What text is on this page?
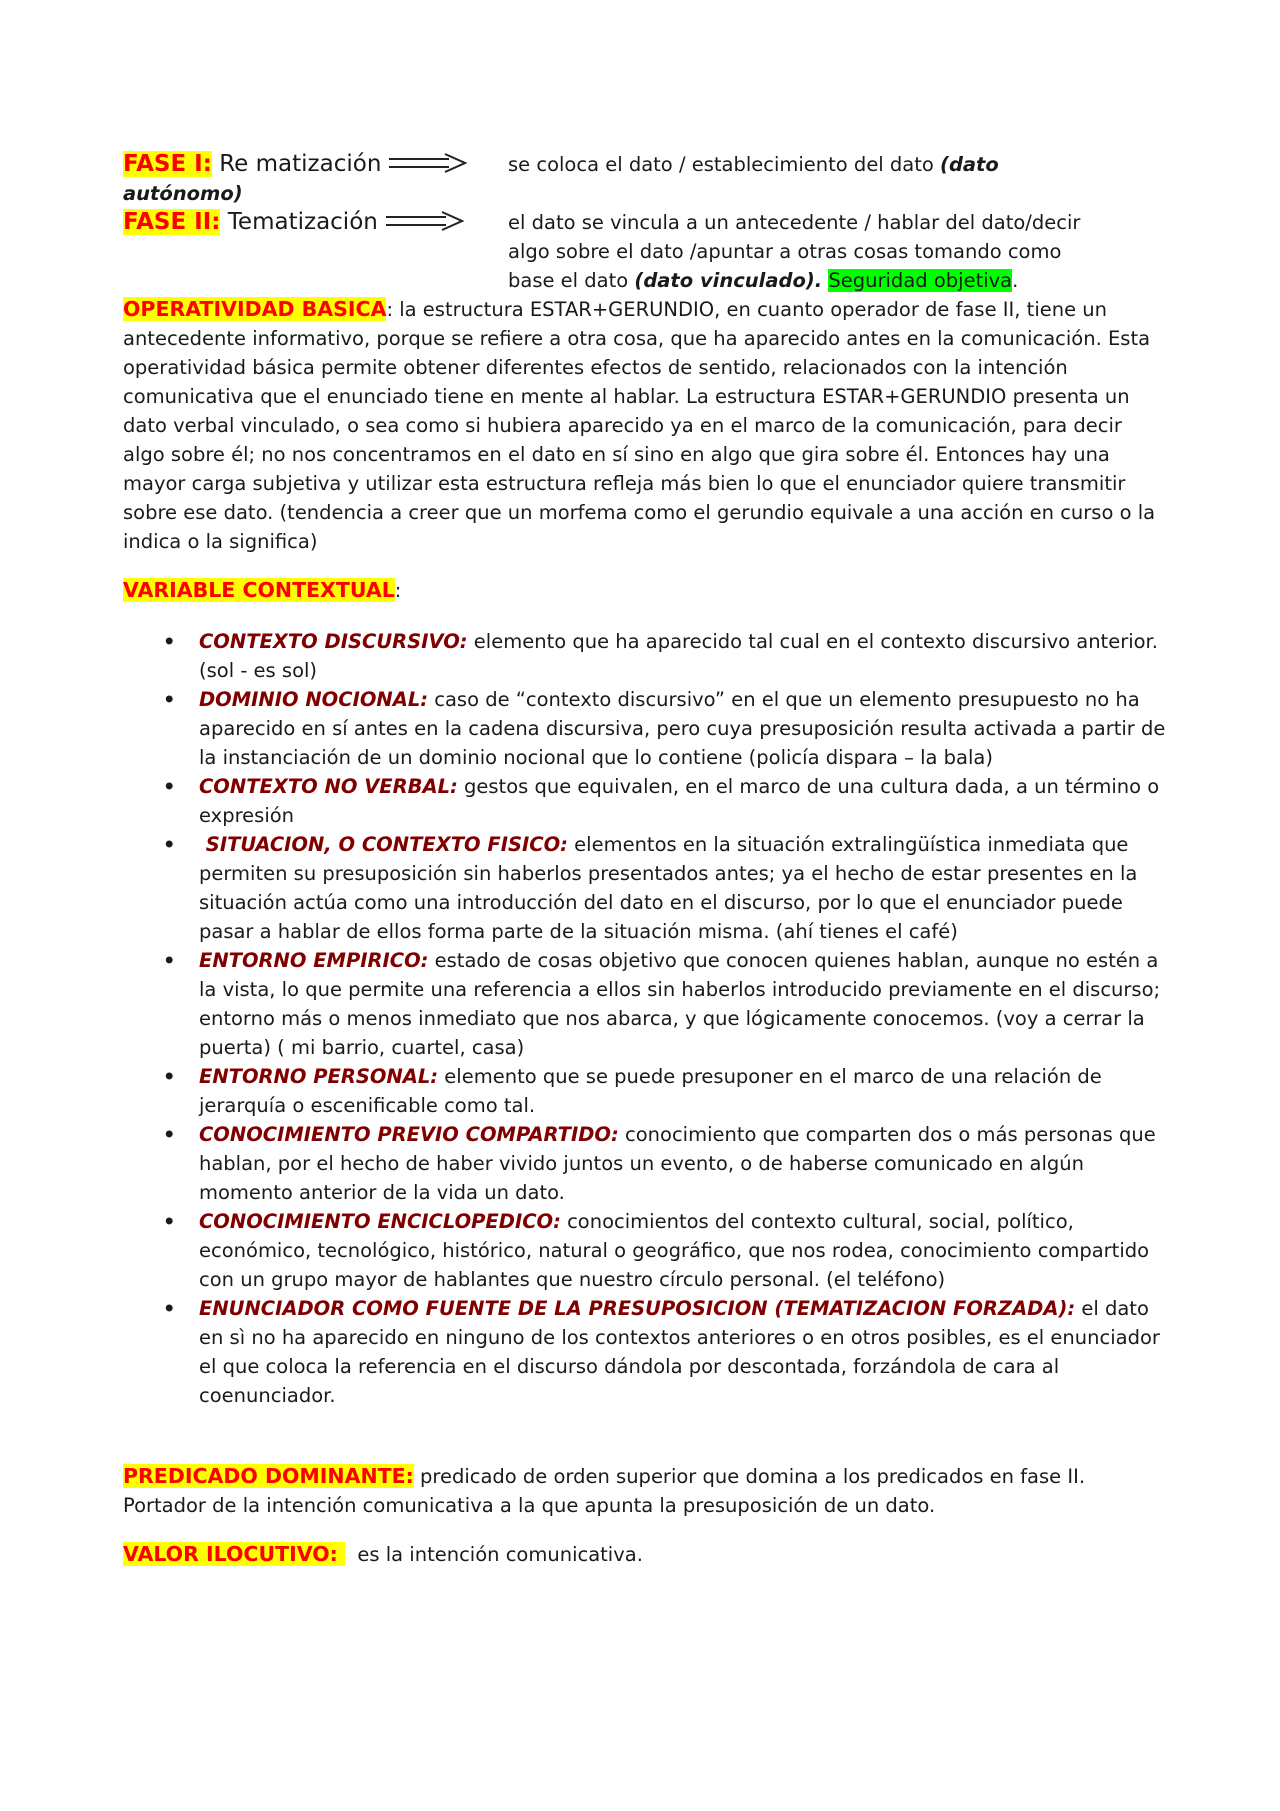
FASE I: Re matización	se coloca el dato / establecimiento del dato (dato

autónomo)

FASE II: Tematización	el dato se vincula a un antecedente / hablar del dato/decir
algo sobre el dato /apuntar a otras cosas tomando como
base el dato (dato vinculado). Seguridad objetiva.

OPERATIVIDAD BASICA: la estructura ESTAR+GERUNDIO, en cuanto operador de fase II, tiene un antecedente informativo, porque se refiere a otra cosa, que ha aparecido antes en la comunicación. Esta operatividad básica permite obtener diferentes efectos de sentido, relacionados con la intención comunicativa que el enunciado tiene en mente al hablar. La estructura ESTAR+GERUNDIO presenta un dato verbal vinculado, o sea como si hubiera aparecido ya en el marco de la comunicación, para decir algo sobre él; no nos concentramos en el dato en sí sino en algo que gira sobre él. Entonces hay una mayor carga subjetiva y utilizar esta estructura refleja más bien lo que el enunciador quiere transmitir sobre ese dato. (tendencia a creer que un morfema como el gerundio equivale a una acción en curso o la indica o la significa)

VARIABLE CONTEXTUAL:

• CONTEXTO DISCURSIVO: elemento que ha aparecido tal cual en el contexto discursivo anterior. (sol - es sol)
• DOMINIO NOCIONAL: caso de “contexto discursivo” en el que un elemento presupuesto no ha aparecido en sí antes en la cadena discursiva, pero cuya presuposición resulta activada a partir de la instanciación de un dominio nocional que lo contiene (policía dispara – la bala)
• CONTEXTO NO VERBAL: gestos que equivalen, en el marco de una cultura dada, a un término o expresión
• SITUACION, O CONTEXTO FISICO: elementos en la situación extralingüística inmediata que permiten su presuposición sin haberlos presentados antes; ya el hecho de estar presentes en la situación actúa como una introducción del dato en el discurso, por lo que el enunciador puede pasar a hablar de ellos forma parte de la situación misma. (ahí tienes el café)
• ENTORNO EMPIRICO: estado de cosas objetivo que conocen quienes hablan, aunque no estén a la vista, lo que permite una referencia a ellos sin haberlos introducido previamente en el discurso; entorno más o menos inmediato que nos abarca, y que lógicamente conocemos. (voy a cerrar la puerta) ( mi barrio, cuartel, casa)
• ENTORNO PERSONAL: elemento que se puede presuponer en el marco de una relación de jerarquía o escenificable como tal.
• CONOCIMIENTO PREVIO COMPARTIDO: conocimiento que comparten dos o más personas que hablan, por el hecho de haber vivido juntos un evento, o de haberse comunicado en algún momento anterior de la vida un dato.
• CONOCIMIENTO ENCICLOPEDICO: conocimientos del contexto cultural, social, político, económico, tecnológico, histórico, natural o geográfico, que nos rodea, conocimiento compartido con un grupo mayor de hablantes que nuestro círculo personal. (el teléfono)
• ENUNCIADOR COMO FUENTE DE LA PRESUPOSICION (TEMATIZACION FORZADA): el dato en sì no ha aparecido en ninguno de los contextos anteriores o en otros posibles, es el enunciador el que coloca la referencia en el discurso dándola por descontada, forzándola de cara al coenunciador.

PREDICADO DOMINANTE: predicado de orden superior que domina a los predicados en fase II. Portador de la intención comunicativa a la que apunta la presuposición de un dato.

VALOR ILOCUTIVO:   es la intención comunicativa.
